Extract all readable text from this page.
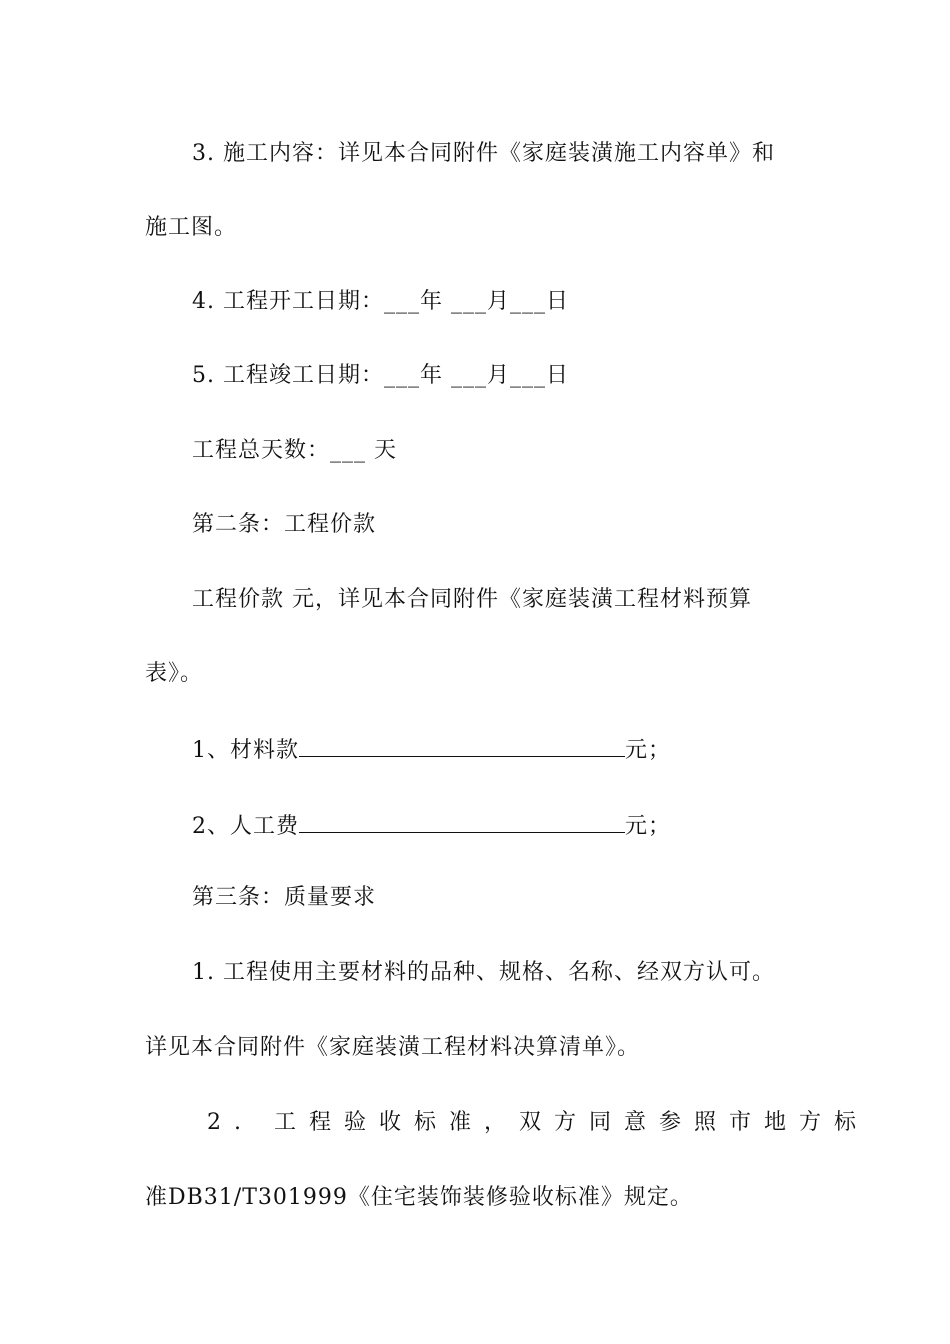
3. 施工内容：详见本合同附件《家庭装潢施工内容单》和
施工图。
4. 工程开工日期：___年 ___月___日
5. 工程竣工日期：___年 ___月___日
工程总天数：___ 天
第二条：工程价款
工程价款 元，详见本合同附件《家庭装潢工程材料预算
表》。
1、材料款	元；
2、人工费	元；
第三条：质量要求
1. 工程使用主要材料的品种、规格、名称、经双方认可。
详见本合同附件《家庭装潢工程材料决算清单》。
2. 工程验收标准，双方同意参照市地方标
准DB31/T301999《住宅装饰装修验收标准》规定。
